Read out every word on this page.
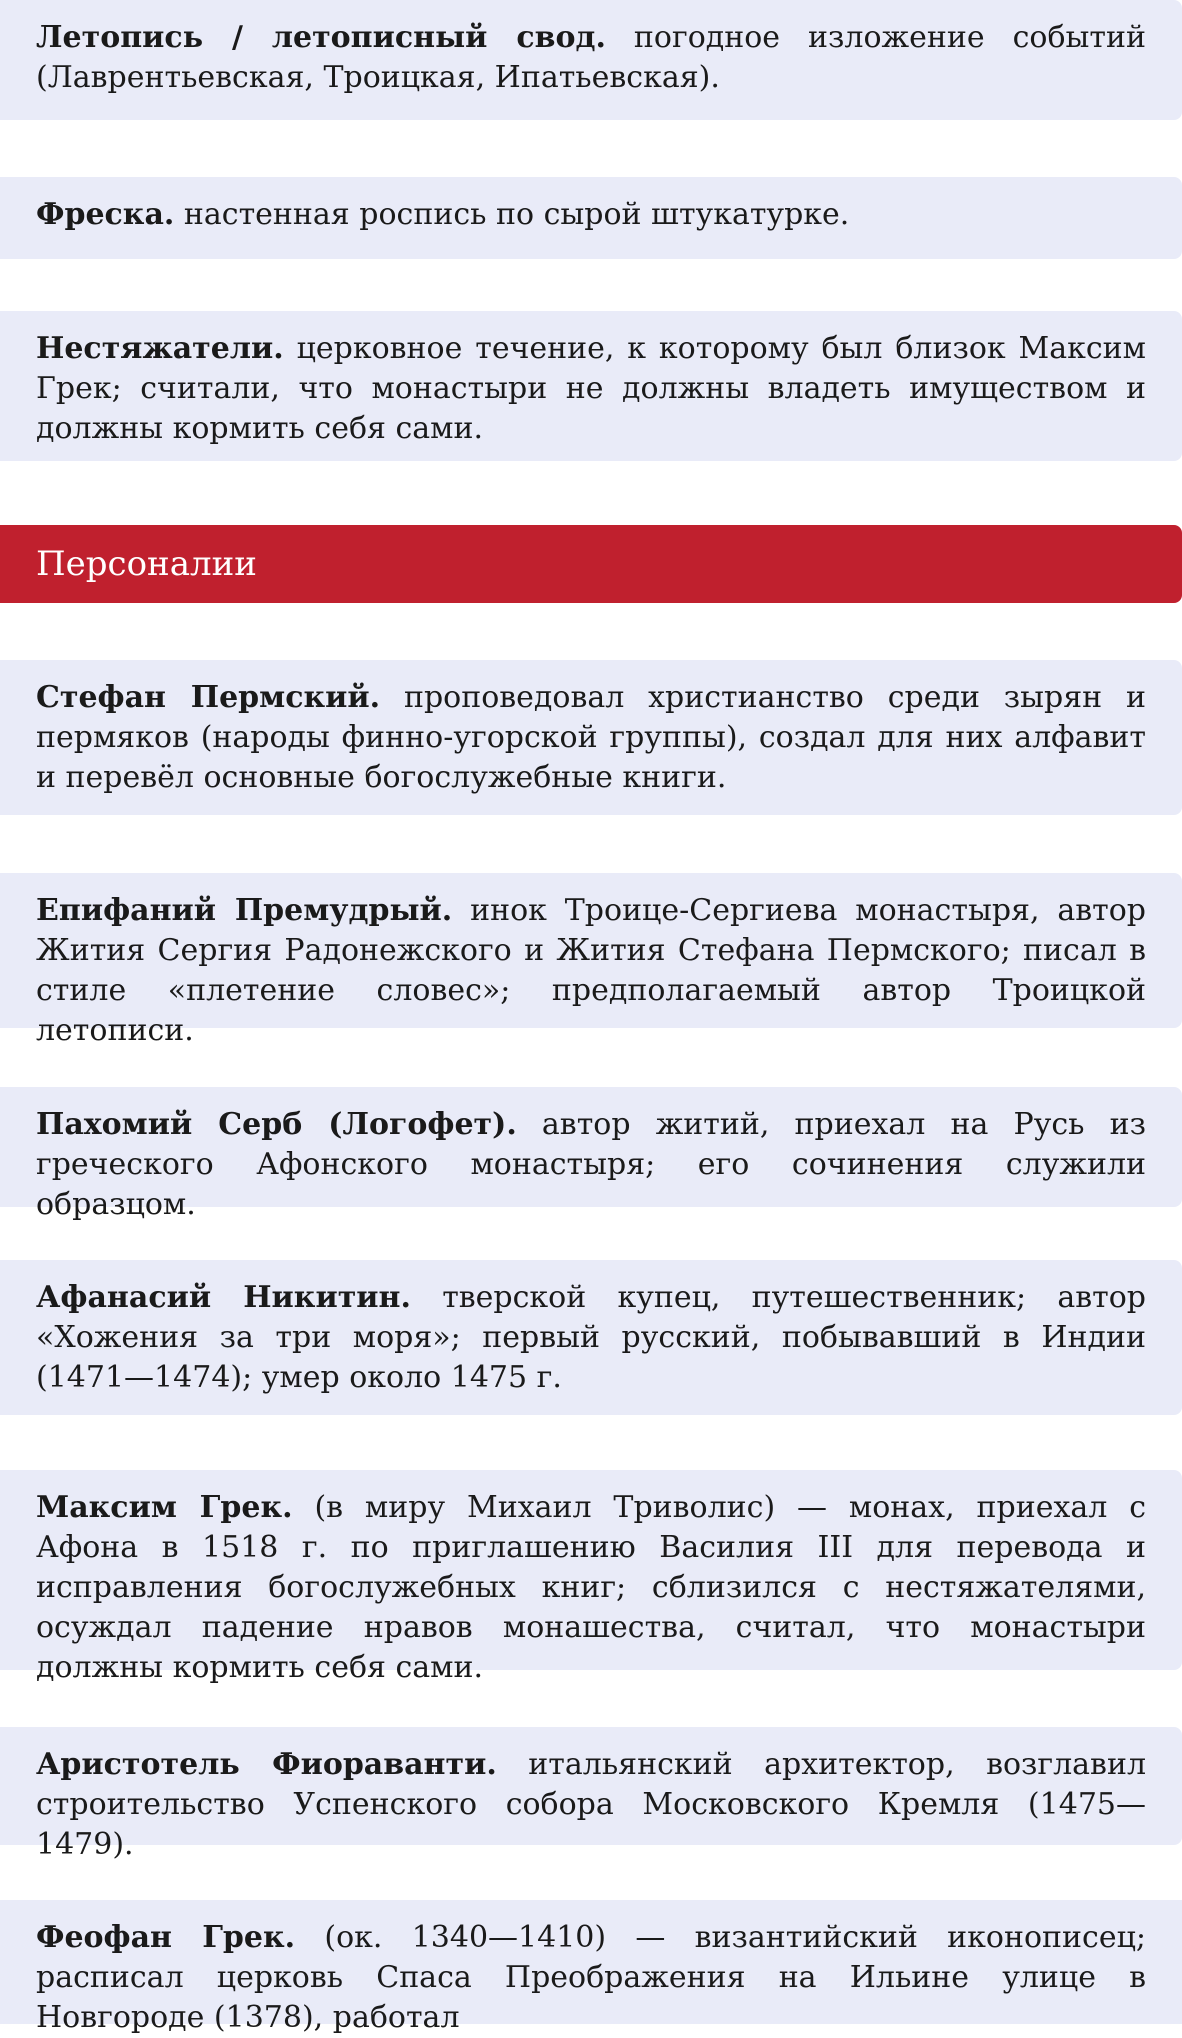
Летопись / летописный свод. погодное изложение событий (Лаврентьевская, Троицкая, Ипатьевская).
Фреска. настенная роспись по сырой штукатурке.
Нестяжатели. церковное течение, к которому был близок Максим Грек; считали, что монастыри не должны владеть имуществом и должны кормить себя сами.
Персоналии
Стефан Пермский. проповедовал христианство среди зырян и пермяков (народы финно-угорской группы), создал для них алфавит и перевёл основные богослужебные книги.
Епифаний Премудрый. инок Троице-Сергиева монастыря, автор Жития Сергия Радонежского и Жития Стефана Пермского; писал в стиле «плетение словес»; предполагаемый автор Троицкой летописи.
Пахомий Серб (Логофет). автор житий, приехал на Русь из греческого Афонского монастыря; его сочинения служили образцом.
Афанасий Никитин. тверской купец, путешественник; автор «Хожения за три моря»; первый русский, побывавший в Индии (1471—1474); умер около 1475 г.
Максим Грек. (в миру Михаил Триволис) — монах, приехал с Афона в 1518 г. по приглашению Василия III для перевода и исправления богослужебных книг; сблизился с нестяжателями, осуждал падение нравов монашества, считал, что монастыри должны кормить себя сами.
Аристотель Фиораванти. итальянский архитектор, возглавил строительство Успенского собора Московского Кремля (1475—1479).
Феофан Грек. (ок. 1340—1410) — византийский иконописец; расписал церковь Спаса Преображения на Ильине улице в Новгороде (1378), работал
